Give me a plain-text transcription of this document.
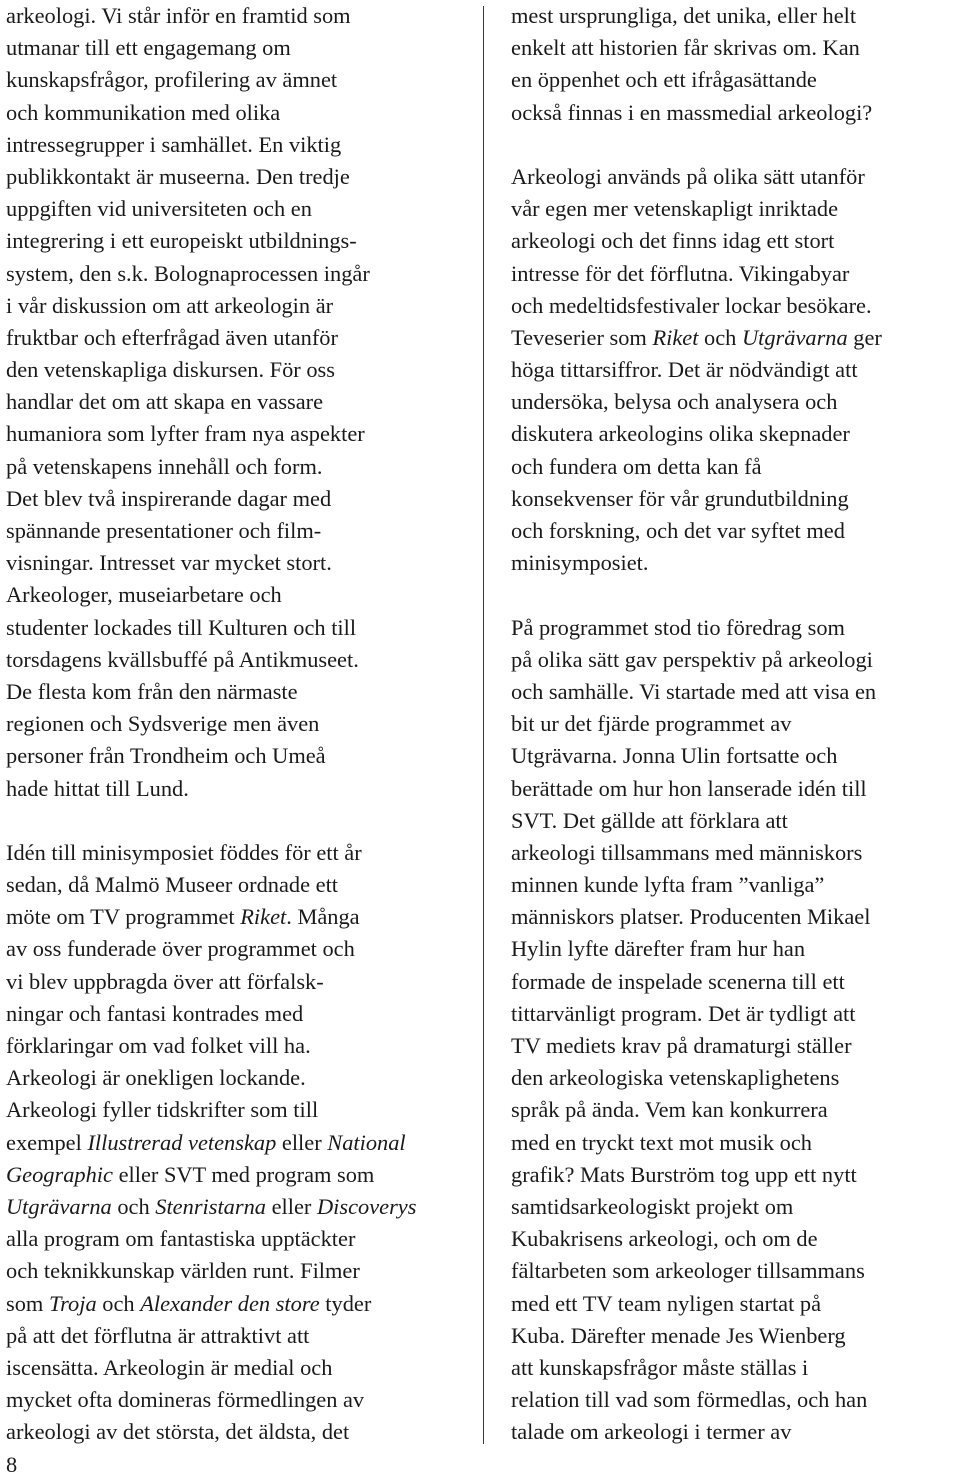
arkeologi. Vi står inför en framtid som
utmanar till ett engagemang om
kunskapsfrågor, profilering av ämnet
och kommunikation med olika
intressegrupper i samhället. En viktig
publikkontakt är museerna. Den tredje
uppgiften vid universiteten och en
integrering i ett europeiskt utbildnings-
system, den s.k. Bolognaprocessen ingår
i vår diskussion om att arkeologin är
fruktbar och efterfrågad även utanför
den vetenskapliga diskursen. För oss
handlar det om att skapa en vassare
humaniora som lyfter fram nya aspekter
på vetenskapens innehåll och form.
Det blev två inspirerande dagar med
spännande presentationer och film-
visningar. Intresset var mycket stort.
Arkeologer, museiarbetare och
studenter lockades till Kulturen och till
torsdagens kvällsbuffé på Antikmuseet.
De flesta kom från den närmaste
regionen och Sydsverige men även
personer från Trondheim och Umeå
hade hittat till Lund.
Idén till minisymposiet föddes för ett år
sedan, då Malmö Museer ordnade ett
möte om TV programmet Riket. Många
av oss funderade över programmet och
vi blev uppbragda över att förfalsk-
ningar och fantasi kontrades med
förklaringar om vad folket vill ha.
Arkeologi är onekligen lockande.
Arkeologi fyller tidskrifter som till
exempel Illustrerad vetenskap eller National
Geographic eller SVT med program som
Utgrävarna och Stenristarna eller Discoverys
alla program om fantastiska upptäckter
och teknikkunskap världen runt. Filmer
som Troja och Alexander den store tyder
på att det förflutna är attraktivt att
iscensätta. Arkeologin är medial och
mycket ofta domineras förmedlingen av
arkeologi av det största, det äldsta, det
mest ursprungliga, det unika, eller helt
enkelt att historien får skrivas om. Kan
en öppenhet och ett ifrågasättande
också finnas i en massmedial arkeologi?
Arkeologi används på olika sätt utanför
vår egen mer vetenskapligt inriktade
arkeologi och det finns idag ett stort
intresse för det förflutna. Vikingabyar
och medeltidsfestivaler lockar besökare.
Teveserier som Riket och Utgrävarna ger
höga tittarsiffror. Det är nödvändigt att
undersöka, belysa och analysera och
diskutera arkeologins olika skepnader
och fundera om detta kan få
konsekvenser för vår grundutbildning
och forskning, och det var syftet med
minisymposiet.
På programmet stod tio föredrag som
på olika sätt gav perspektiv på arkeologi
och samhälle. Vi startade med att visa en
bit ur det fjärde programmet av
Utgrävarna. Jonna Ulin fortsatte och
berättade om hur hon lanserade idén till
SVT. Det gällde att förklara att
arkeologi tillsammans med människors
minnen kunde lyfta fram ”vanliga”
människors platser. Producenten Mikael
Hylin lyfte därefter fram hur han
formade de inspelade scenerna till ett
tittarvänligt program. Det är tydligt att
TV mediets krav på dramaturgi ställer
den arkeologiska vetenskaplighetens
språk på ända. Vem kan konkurrera
med en tryckt text mot musik och
grafik? Mats Burström tog upp ett nytt
samtidsarkeologiskt projekt om
Kubakrisens arkeologi, och om de
fältarbeten som arkeologer tillsammans
med ett TV team nyligen startat på
Kuba. Därefter menade Jes Wienberg
att kunskapsfrågor måste ställas i
relation till vad som förmedlas, och han
talade om arkeologi i termer av
8
